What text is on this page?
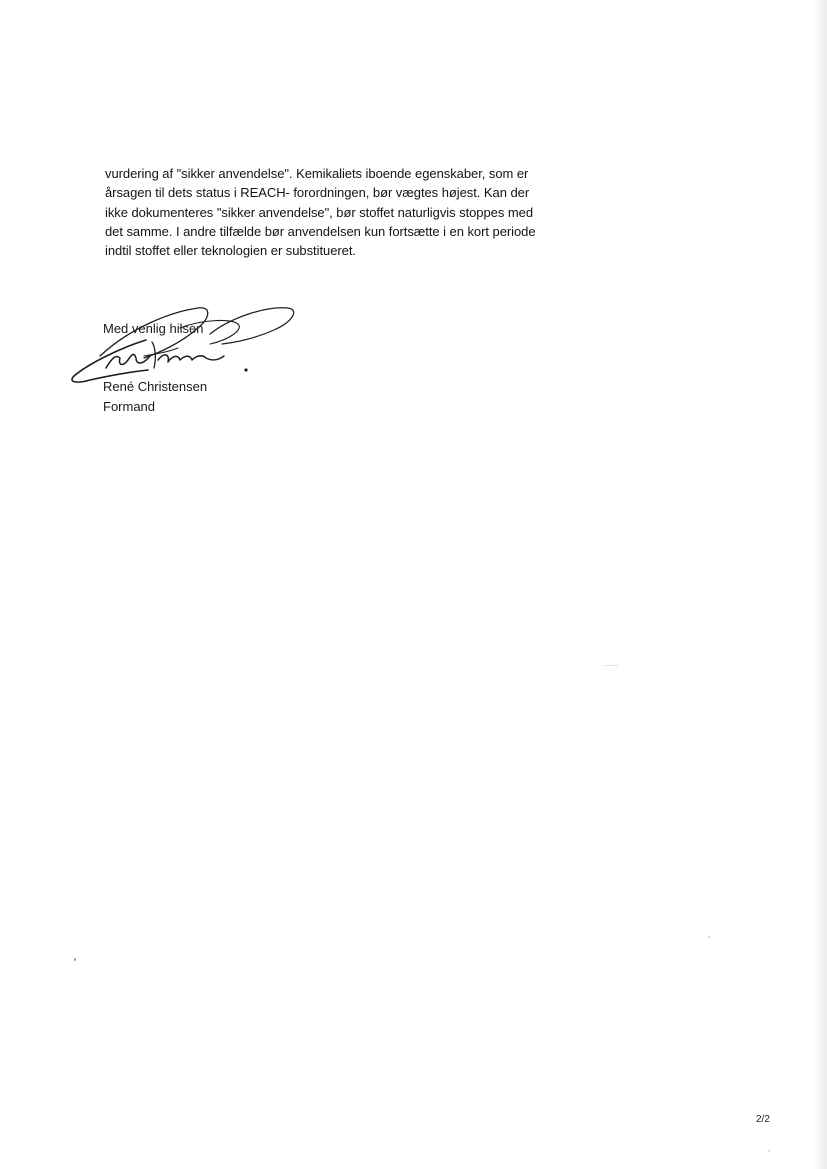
vurdering af "sikker anvendelse". Kemikaliets iboende egenskaber, som er
årsagen til dets status i REACH- forordningen, bør vægtes højest. Kan der
ikke dokumenteres "sikker anvendelse", bør stoffet naturligvis stoppes med
det samme. I andre tilfælde bør anvendelsen kun fortsætte i en kort periode
indtil stoffet eller teknologien er substitueret.

Med venlig hilsen
René Christensen
Formand
2/2
